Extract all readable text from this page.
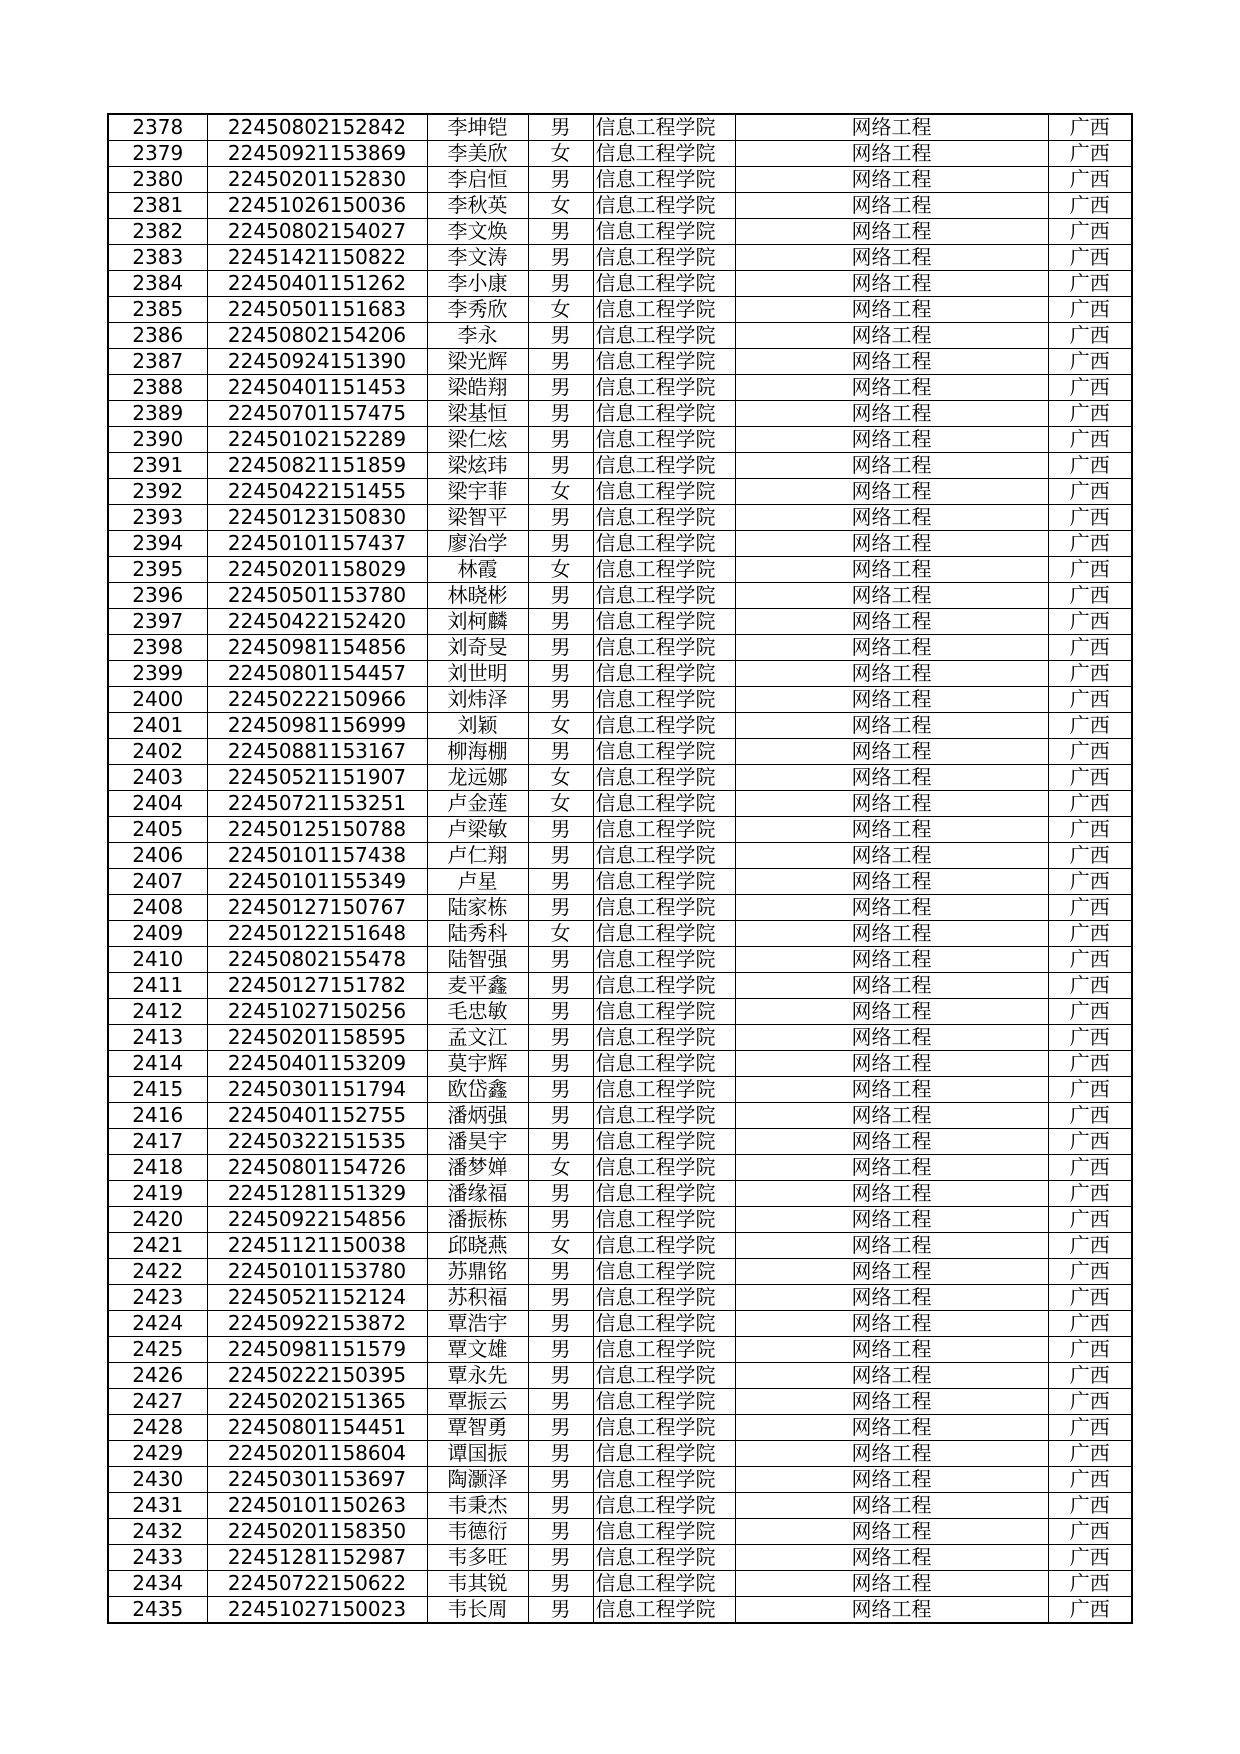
2378	22450802152842	李坤铠	男	信息工程学院	网络工程	广西
2379	22450921153869	李美欣	女	信息工程学院	网络工程	广西
2380	22450201152830	李启恒	男	信息工程学院	网络工程	广西
2381	22451026150036	李秋英	女	信息工程学院	网络工程	广西
2382	22450802154027	李文焕	男	信息工程学院	网络工程	广西
2383	22451421150822	李文涛	男	信息工程学院	网络工程	广西
2384	22450401151262	李小康	男	信息工程学院	网络工程	广西
2385	22450501151683	李秀欣	女	信息工程学院	网络工程	广西
2386	22450802154206	李永	男	信息工程学院	网络工程	广西
2387	22450924151390	梁光辉	男	信息工程学院	网络工程	广西
2388	22450401151453	梁皓翔	男	信息工程学院	网络工程	广西
2389	22450701157475	梁基恒	男	信息工程学院	网络工程	广西
2390	22450102152289	梁仁炫	男	信息工程学院	网络工程	广西
2391	22450821151859	梁炫玮	男	信息工程学院	网络工程	广西
2392	22450422151455	梁宇菲	女	信息工程学院	网络工程	广西
2393	22450123150830	梁智平	男	信息工程学院	网络工程	广西
2394	22450101157437	廖治学	男	信息工程学院	网络工程	广西
2395	22450201158029	林霞	女	信息工程学院	网络工程	广西
2396	22450501153780	林晓彬	男	信息工程学院	网络工程	广西
2397	22450422152420	刘柯麟	男	信息工程学院	网络工程	广西
2398	22450981154856	刘奇旻	男	信息工程学院	网络工程	广西
2399	22450801154457	刘世明	男	信息工程学院	网络工程	广西
2400	22450222150966	刘炜泽	男	信息工程学院	网络工程	广西
2401	22450981156999	刘颖	女	信息工程学院	网络工程	广西
2402	22450881153167	柳海棚	男	信息工程学院	网络工程	广西
2403	22450521151907	龙远娜	女	信息工程学院	网络工程	广西
2404	22450721153251	卢金莲	女	信息工程学院	网络工程	广西
2405	22450125150788	卢梁敏	男	信息工程学院	网络工程	广西
2406	22450101157438	卢仁翔	男	信息工程学院	网络工程	广西
2407	22450101155349	卢星	男	信息工程学院	网络工程	广西
2408	22450127150767	陆家栋	男	信息工程学院	网络工程	广西
2409	22450122151648	陆秀科	女	信息工程学院	网络工程	广西
2410	22450802155478	陆智强	男	信息工程学院	网络工程	广西
2411	22450127151782	麦平鑫	男	信息工程学院	网络工程	广西
2412	22451027150256	毛忠敏	男	信息工程学院	网络工程	广西
2413	22450201158595	孟文江	男	信息工程学院	网络工程	广西
2414	22450401153209	莫宇辉	男	信息工程学院	网络工程	广西
2415	22450301151794	欧岱鑫	男	信息工程学院	网络工程	广西
2416	22450401152755	潘炳强	男	信息工程学院	网络工程	广西
2417	22450322151535	潘昊宇	男	信息工程学院	网络工程	广西
2418	22450801154726	潘梦婵	女	信息工程学院	网络工程	广西
2419	22451281151329	潘缘福	男	信息工程学院	网络工程	广西
2420	22450922154856	潘振栋	男	信息工程学院	网络工程	广西
2421	22451121150038	邱晓燕	女	信息工程学院	网络工程	广西
2422	22450101153780	苏鼎铭	男	信息工程学院	网络工程	广西
2423	22450521152124	苏积福	男	信息工程学院	网络工程	广西
2424	22450922153872	覃浩宇	男	信息工程学院	网络工程	广西
2425	22450981151579	覃文雄	男	信息工程学院	网络工程	广西
2426	22450222150395	覃永先	男	信息工程学院	网络工程	广西
2427	22450202151365	覃振云	男	信息工程学院	网络工程	广西
2428	22450801154451	覃智勇	男	信息工程学院	网络工程	广西
2429	22450201158604	谭国振	男	信息工程学院	网络工程	广西
2430	22450301153697	陶灏泽	男	信息工程学院	网络工程	广西
2431	22450101150263	韦秉杰	男	信息工程学院	网络工程	广西
2432	22450201158350	韦德衍	男	信息工程学院	网络工程	广西
2433	22451281152987	韦多旺	男	信息工程学院	网络工程	广西
2434	22450722150622	韦其锐	男	信息工程学院	网络工程	广西
2435	22451027150023	韦长周	男	信息工程学院	网络工程	广西
